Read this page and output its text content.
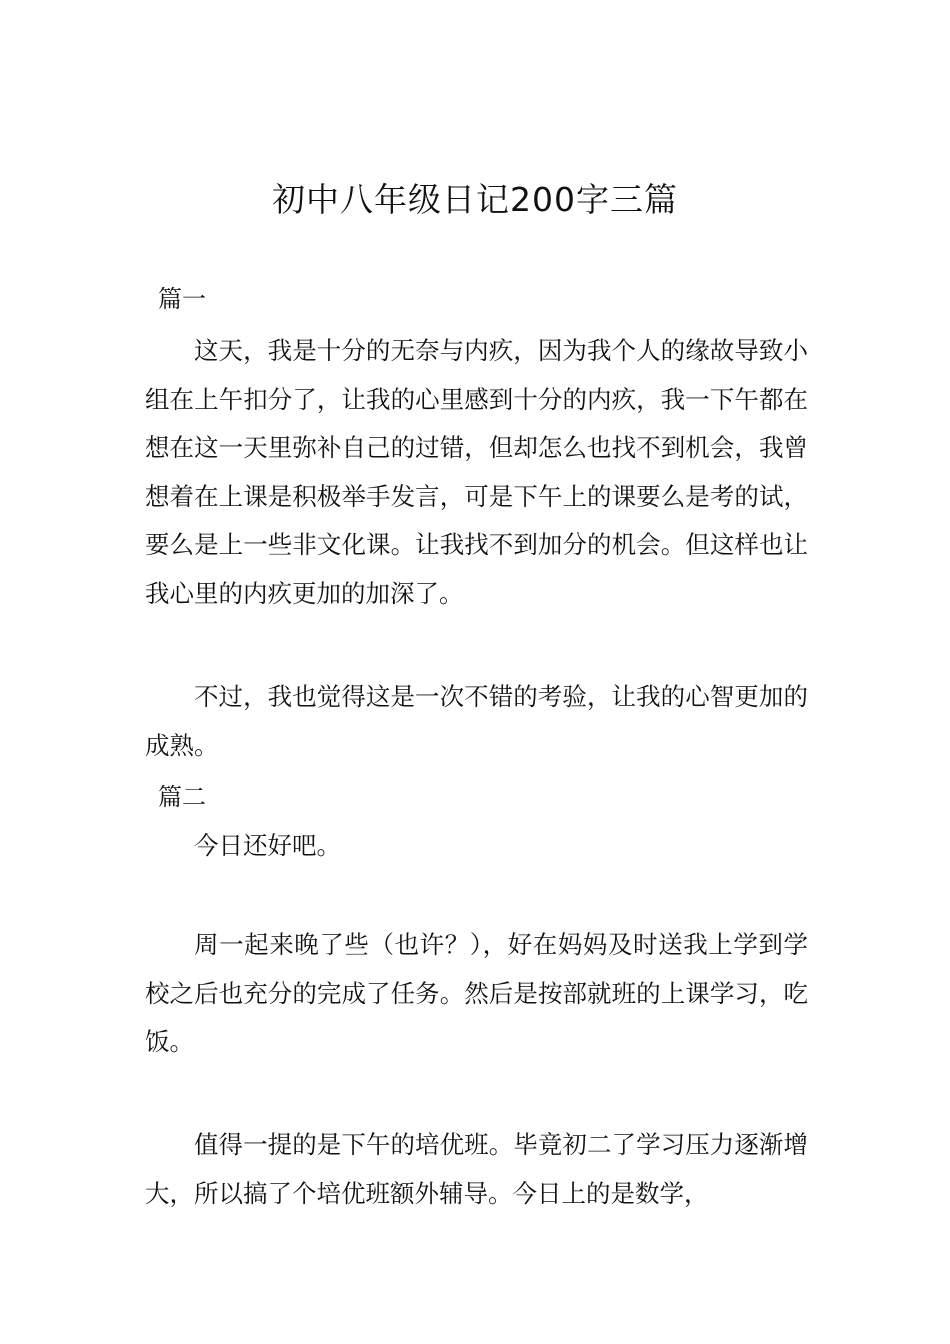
初中八年级日记200字三篇
篇一

这天，我是十分的无奈与内疚，因为我个人的缘故导致小组在上午扣分了，让我的心里感到十分的内疚，我一下午都在想在这一天里弥补自己的过错，但却怎么也找不到机会，我曾想着在上课是积极举手发言，可是下午上的课要么是考的试，要么是上一些非文化课。让我找不到加分的机会。但这样也让我心里的内疚更加的加深了。

不过，我也觉得这是一次不错的考验，让我的心智更加的成熟。

篇二

今日还好吧。

周一起来晚了些（也许？），好在妈妈及时送我上学到学校之后也充分的完成了任务。然后是按部就班的上课学习，吃饭。

值得一提的是下午的培优班。毕竟初二了学习压力逐渐增大，所以搞了个培优班额外辅导。今日上的是数学，
